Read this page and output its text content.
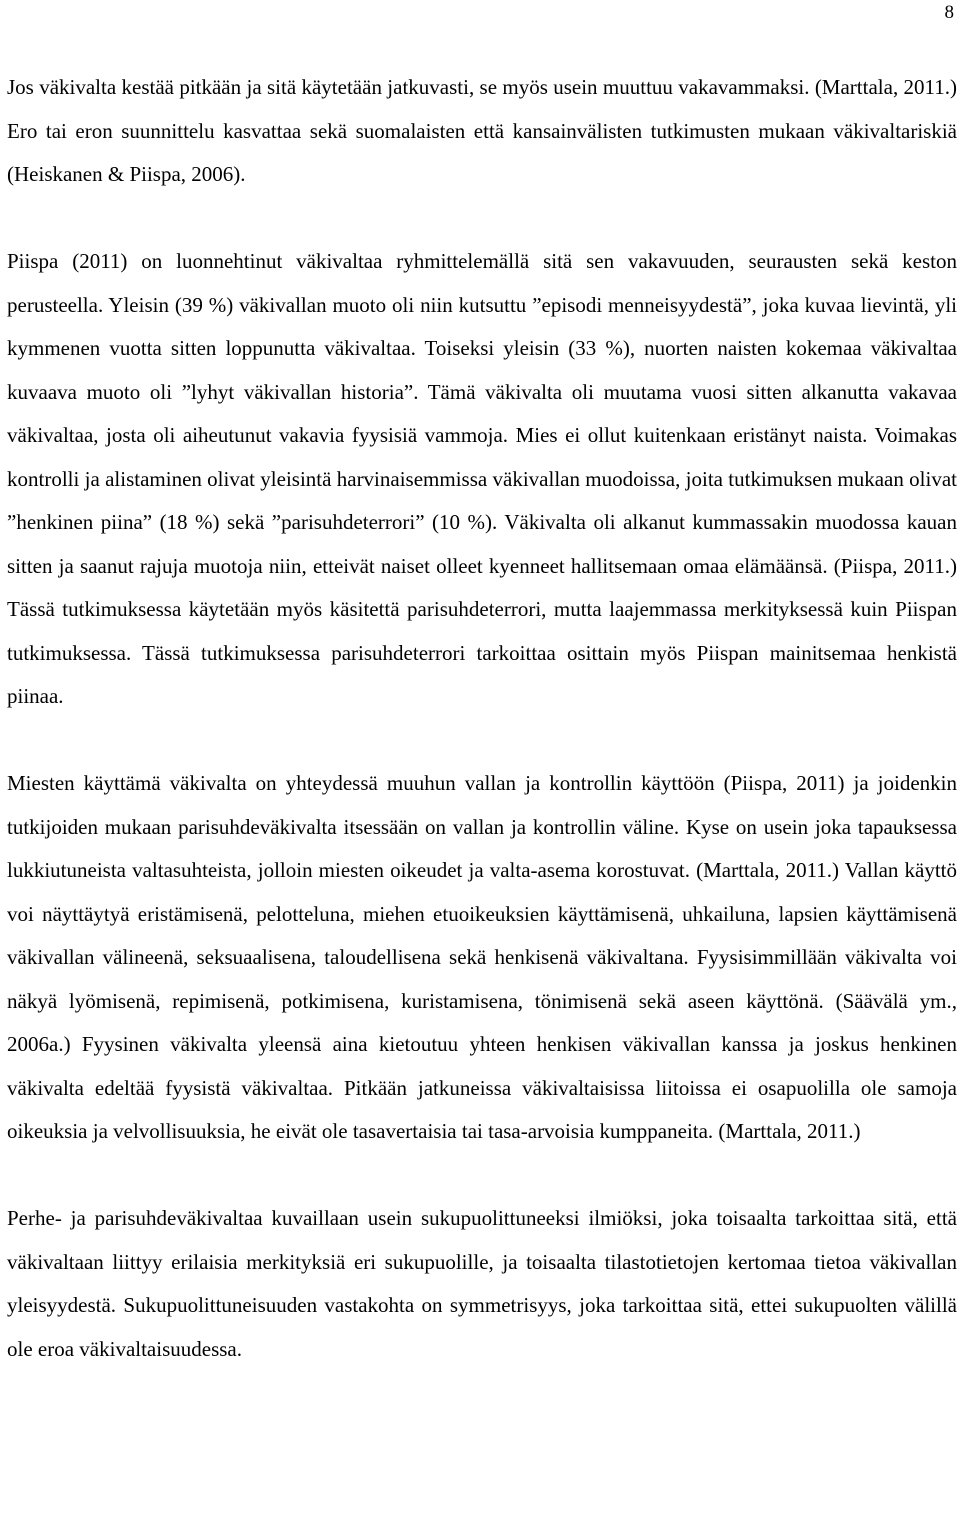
8

Jos väkivalta kestää pitkään ja sitä käytetään jatkuvasti, se myös usein muuttuu vakavammaksi. (Marttala, 2011.) Ero tai eron suunnittelu kasvattaa sekä suomalaisten että kansainvälisten tutkimusten mukaan väkivaltariskiä (Heiskanen & Piispa, 2006).

Piispa (2011) on luonnehtinut väkivaltaa ryhmittelemällä sitä sen vakavuuden, seurausten sekä keston perusteella. Yleisin (39 %) väkivallan muoto oli niin kutsuttu ”episodi menneisyydestä”, joka kuvaa lievintä, yli kymmenen vuotta sitten loppunutta väkivaltaa. Toiseksi yleisin (33 %), nuorten naisten kokemaa väkivaltaa kuvaava muoto oli ”lyhyt väkivallan historia”. Tämä väkivalta oli muutama vuosi sitten alkanutta vakavaa väkivaltaa, josta oli aiheutunut vakavia fyysisiä vammoja. Mies ei ollut kuitenkaan eristänyt naista. Voimakas kontrolli ja alistaminen olivat yleisintä harvinaisemmissa väkivallan muodoissa, joita tutkimuksen mukaan olivat ”henkinen piina” (18 %) sekä ”parisuhdeterrori” (10 %). Väkivalta oli alkanut kummassakin muodossa kauan sitten ja saanut rajuja muotoja niin, etteivät naiset olleet kyenneet hallitsemaan omaa elämäänsä. (Piispa, 2011.) Tässä tutkimuksessa käytetään myös käsitettä parisuhdeterrori, mutta laajemmassa merkityksessä kuin Piispan tutkimuksessa. Tässä tutkimuksessa parisuhdeterrori tarkoittaa osittain myös Piispan mainitsemaa henkistä piinaa.

Miesten käyttämä väkivalta on yhteydessä muuhun vallan ja kontrollin käyttöön (Piispa, 2011) ja joidenkin tutkijoiden mukaan parisuhdeväkivalta itsessään on vallan ja kontrollin väline. Kyse on usein joka tapauksessa lukkiutuneista valtasuhteista, jolloin miesten oikeudet ja valta-asema korostuvat. (Marttala, 2011.) Vallan käyttö voi näyttäytyä eristämisenä, pelotteluna, miehen etuoikeuksien käyttämisenä, uhkailuna, lapsien käyttämisenä väkivallan välineenä, seksuaalisena, taloudellisena sekä henkisenä väkivaltana. Fyysisimmillään väkivalta voi näkyä lyömisenä, repimisenä, potkimisena, kuristamisena, tönimisenä sekä aseen käyttönä. (Säävälä ym., 2006a.) Fyysinen väkivalta yleensä aina kietoutuu yhteen henkisen väkivallan kanssa ja joskus henkinen väkivalta edeltää fyysistä väkivaltaa. Pitkään jatkuneissa väkivaltaisissa liitoissa ei osapuolilla ole samoja oikeuksia ja velvollisuuksia, he eivät ole tasavertaisia tai tasa-arvoisia kumppaneita. (Marttala, 2011.)

Perhe- ja parisuhdeväkivaltaa kuvaillaan usein sukupuolittuneeksi ilmiöksi, joka toisaalta tarkoittaa sitä, että väkivaltaan liittyy erilaisia merkityksiä eri sukupuolille, ja toisaalta tilastotietojen kertomaa tietoa väkivallan yleisyydestä. Sukupuolittuneisuuden vastakohta on symmetrisyys, joka tarkoittaa sitä, ettei sukupuolten välillä ole eroa väkivaltaisuudessa.
